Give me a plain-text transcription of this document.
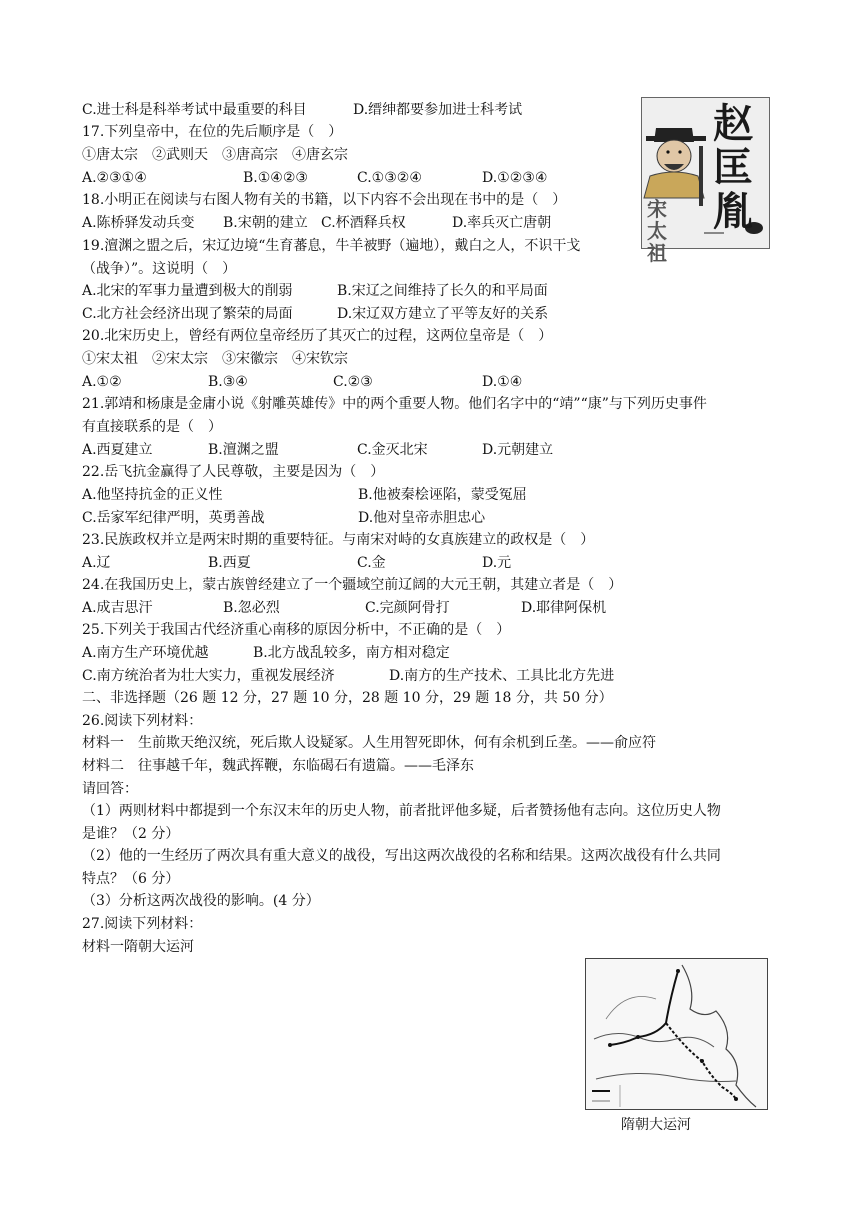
C.进士科是科举考试中最重要的科目	D.缙绅都要参加进士科考试
17.下列皇帝中，在位的先后顺序是（　）
①唐太宗　②武则天　③唐高宗　④唐玄宗
A.②③①④	B.①④②③	C.①③②④	D.①②③④
18.小明正在阅读与右图人物有关的书籍，以下内容不会出现在书中的是（　）
A.陈桥驿发动兵变 B.宋朝的建立 C.杯酒释兵权	D.率兵灭亡唐朝
19.澶渊之盟之后，宋辽边境“生育蕃息，牛羊被野（遍地），戴白之人，不识干戈
（战争）”。这说明（　）
A.北宋的军事力量遭到极大的削弱	B.宋辽之间维持了长久的和平局面
C.北方社会经济出现了繁荣的局面	D.宋辽双方建立了平等友好的关系
20.北宋历史上，曾经有两位皇帝经历了其灭亡的过程，这两位皇帝是（　）
①宋太祖　②宋太宗　③宋徽宗　④宋钦宗
A.①②	B.③④	C.②③	D.①④
21.郭靖和杨康是金庸小说《射雕英雄传》中的两个重要人物。他们名字中的“靖”“康”与下列历史事件
有直接联系的是（　）
A.西夏建立	B.澶渊之盟	C.金灭北宋	D.元朝建立
22.岳飞抗金赢得了人民尊敬，主要是因为（　）
A.他坚持抗金的正义性	B.他被秦桧诬陷，蒙受冤屈
C.岳家军纪律严明，英勇善战	D.他对皇帝赤胆忠心
23.民族政权并立是两宋时期的重要特征。与南宋对峙的女真族建立的政权是（　）
A.辽	B.西夏	C.金	D.元
24.在我国历史上，蒙古族曾经建立了一个疆域空前辽阔的大元王朝，其建立者是（　）
A.成吉思汗	B.忽必烈	C.完颜阿骨打	D.耶律阿保机
25.下列关于我国古代经济重心南移的原因分析中，不正确的是（　）
A.南方生产环境优越	B.北方战乱较多，南方相对稳定
C.南方统治者为壮大实力，重视发展经济	D.南方的生产技术、工具比北方先进
二、非选择题（26 题 12 分，27 题 10 分，28 题 10 分，29 题 18 分，共 50 分）
26.阅读下列材料：
材料一　生前欺天绝汉统，死后欺人设疑冢。人生用智死即休，何有余机到丘垄。——俞应符
材料二　往事越千年，魏武挥鞭，东临碣石有遗篇。——毛泽东
请回答：
（1）两则材料中都提到一个东汉末年的历史人物，前者批评他多疑，后者赞扬他有志向。这位历史人物
是谁？（2 分）
（2）他的一生经历了两次具有重大意义的战役，写出这两次战役的名称和结果。这两次战役有什么共同
特点？（6 分）
（3）分析这两次战役的影响。(4 分）
27.阅读下列材料：
材料一隋朝大运河
赵匡胤
宋太祖
隋朝大运河
